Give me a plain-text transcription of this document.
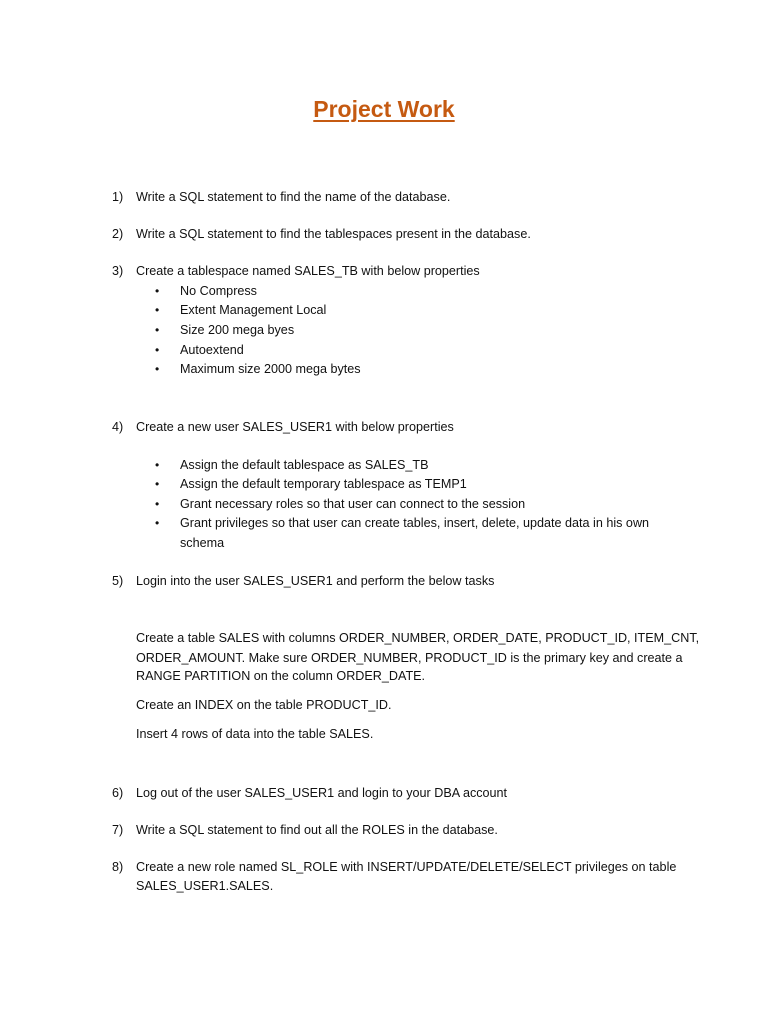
Project Work
1) Write a SQL statement to find the name of the database.
2) Write a SQL statement to find the tablespaces present in the database.
3) Create a tablespace named SALES_TB with below properties
• No Compress
• Extent Management Local
• Size 200 mega byes
• Autoextend
• Maximum size 2000 mega bytes
4) Create a new user SALES_USER1 with below properties
• Assign the default tablespace as SALES_TB
• Assign the default temporary tablespace as TEMP1
• Grant necessary roles so that user can connect to the session
• Grant privileges so that user can create tables, insert, delete, update data in his own
schema
5) Login into the user SALES_USER1 and perform the below tasks
Create a table SALES with columns ORDER_NUMBER, ORDER_DATE, PRODUCT_ID, ITEM_CNT,
ORDER_AMOUNT. Make sure ORDER_NUMBER, PRODUCT_ID is the primary key and create a
RANGE PARTITION on the column ORDER_DATE.
Create an INDEX on the table PRODUCT_ID.
Insert 4 rows of data into the table SALES.
6) Log out of the user SALES_USER1 and login to your DBA account
7) Write a SQL statement to find out all the ROLES in the database.
8) Create a new role named SL_ROLE with INSERT/UPDATE/DELETE/SELECT privileges on table
SALES_USER1.SALES.
